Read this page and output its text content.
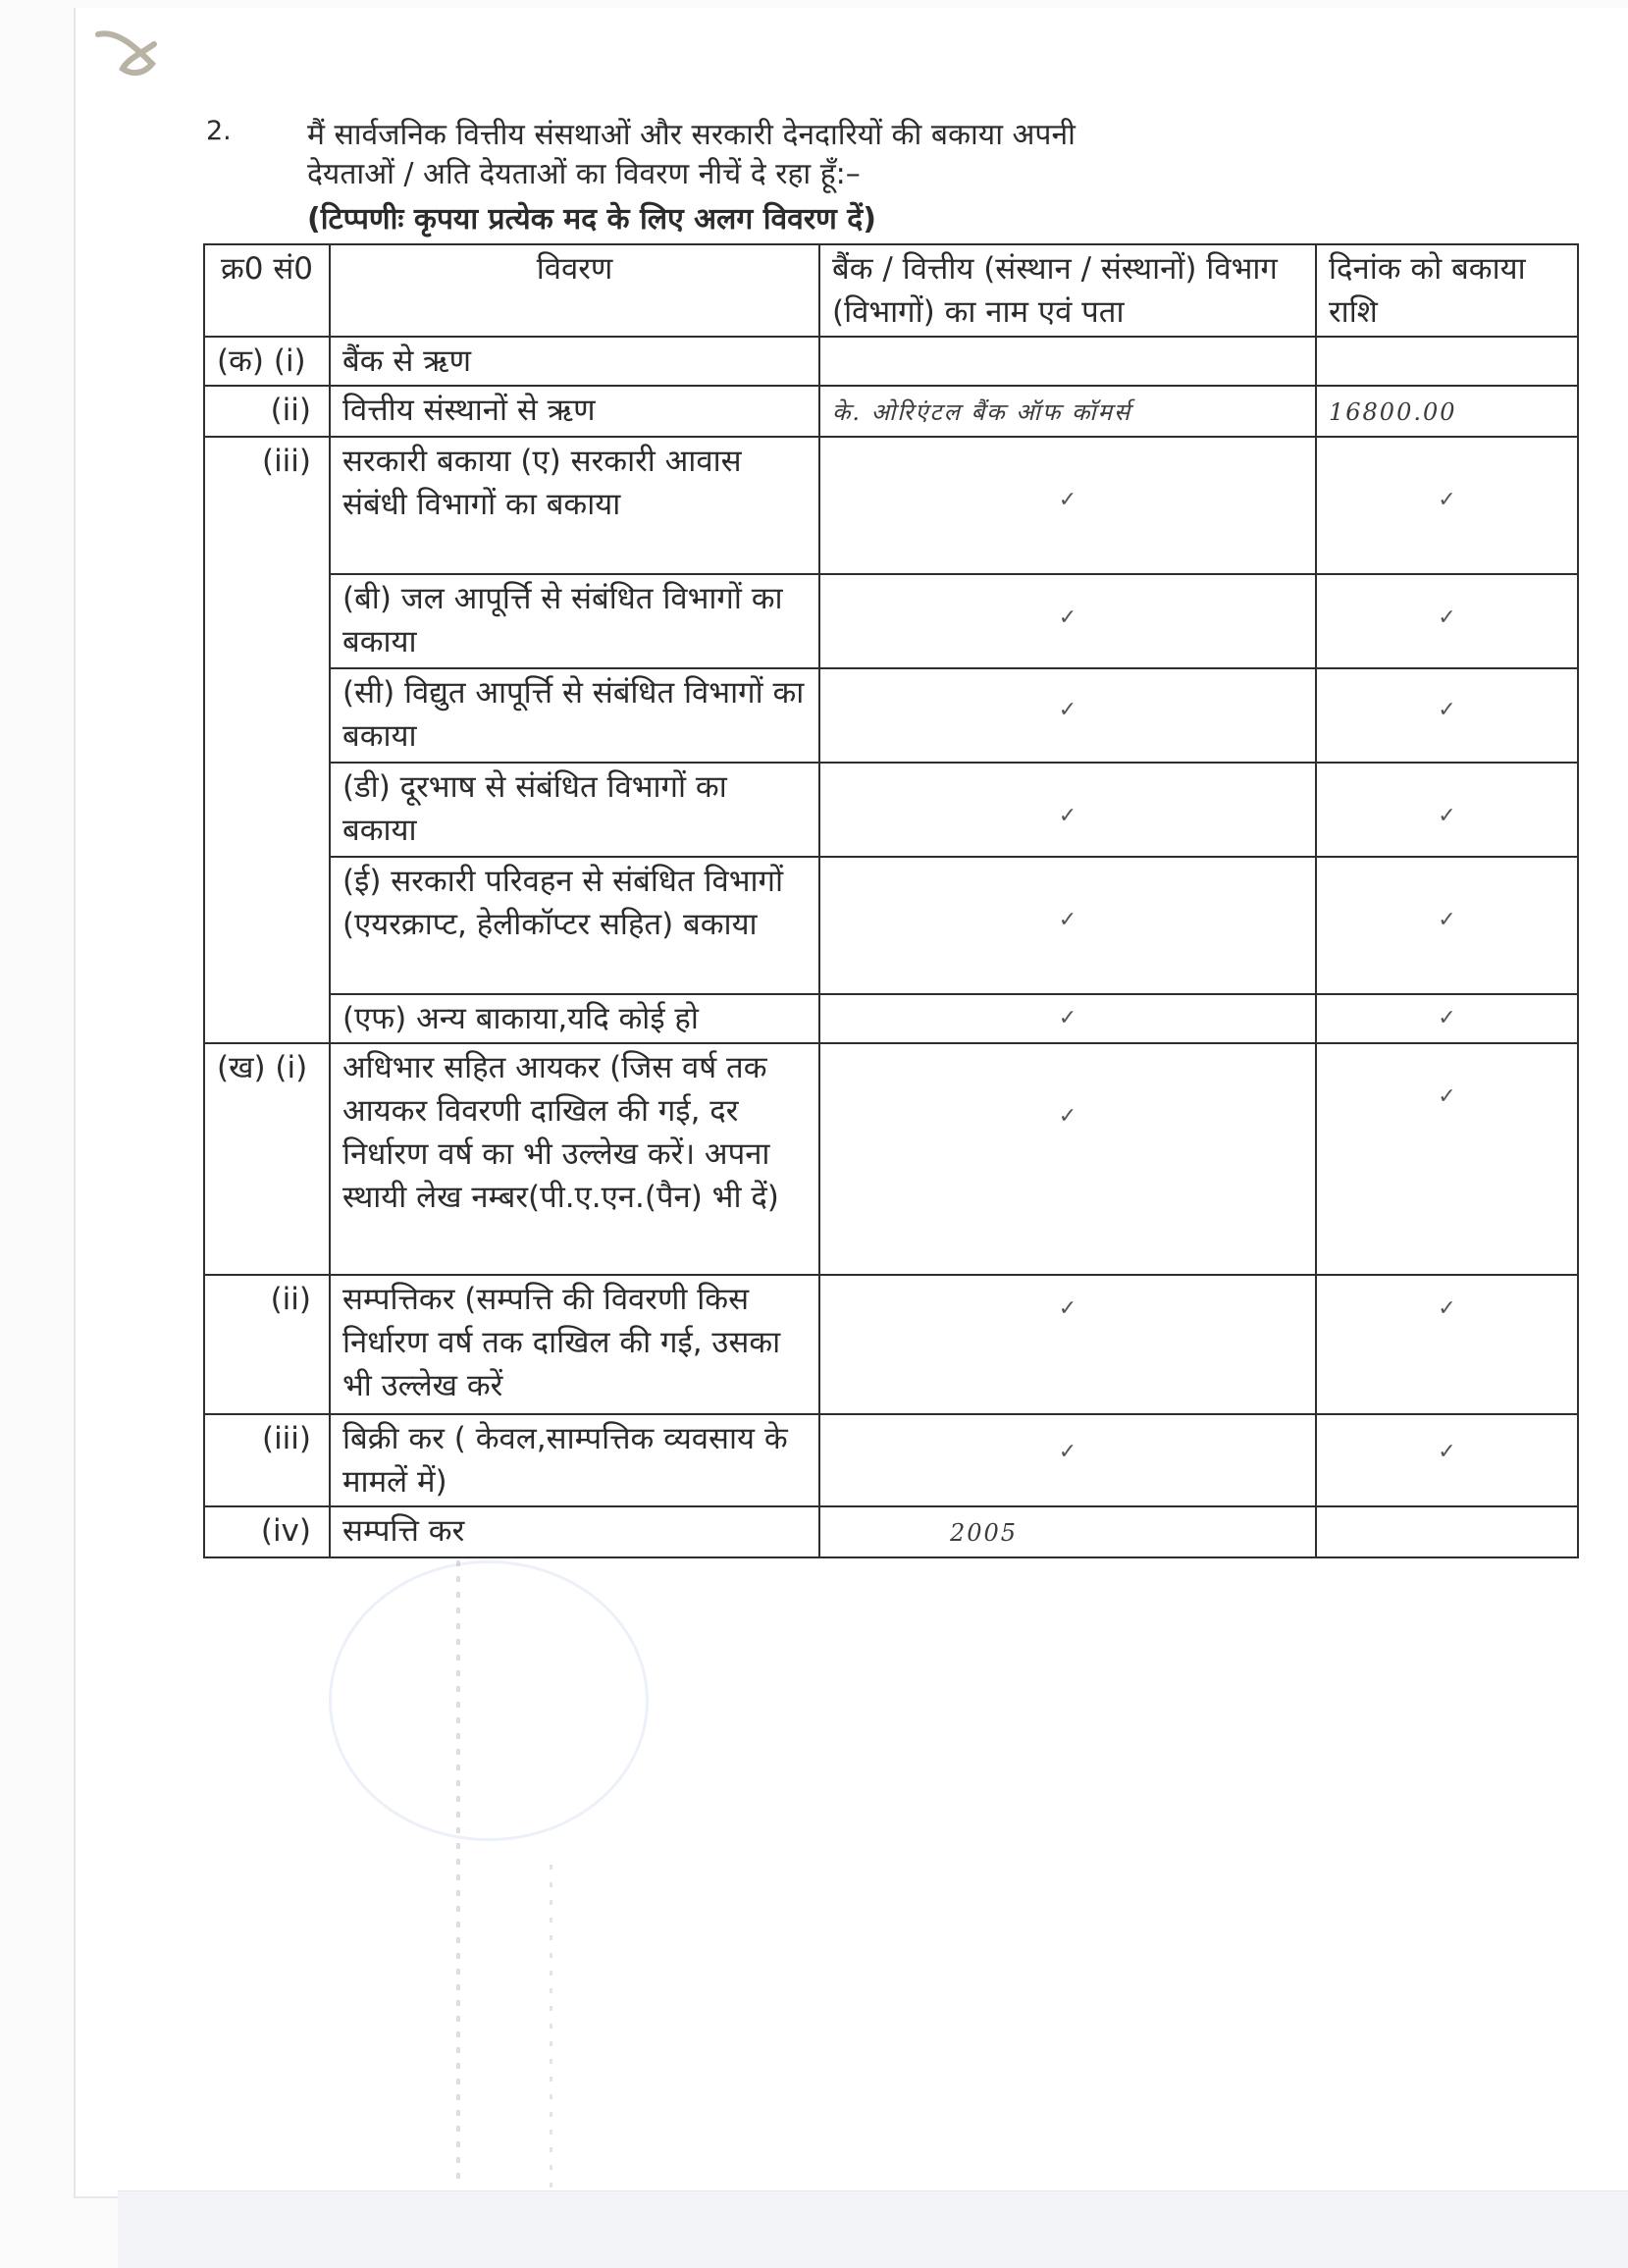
2.	मैं सार्वजनिक वित्तीय संसथाओं और सरकारी देनदारियों की बकाया अपनी
देयताओं / अति देयताओं का विवरण नीचें दे रहा हूँ:–
(टिप्पणीः कृपया प्रत्येक मद के लिए अलग विवरण दें)
क्र0 सं0	विवरण	बैंक / वित्तीय (संस्थान / संस्थानों) विभाग (विभागों) का नाम एवं पता	दिनांक को बकाया राशि
(क) (i)	बैंक से ऋण		
(ii)	वित्तीय संस्थानों से ऋण	के. ओरिएंटल बैंक ऑफ कॉमर्स	16800.00
(iii)	सरकारी बकाया (ए) सरकारी आवास संबंधी विभागों का बकाया	✓	✓

	(बी) जल आपूर्त्ति से संबंधित विभागों का बकाया	✓	✓

	(सी) विद्युत आपूर्त्ति से संबंधित विभागों का बकाया	✓	✓

	(डी) दूरभाष से संबंधित विभागों का बकाया	✓	✓

	(ई) सरकारी परिवहन से संबंधित विभागों (एयरक्राप्ट, हेलीकॉप्टर सहित) बकाया	✓	✓

	(एफ) अन्य बाकाया,यदि कोई हो	✓	✓

(ख) (i)	अधिभार सहित आयकर (जिस वर्ष तक आयकर विवरणी दाखिल की गई, दर निर्धारण वर्ष का भी उल्लेख करें। अपना स्थायी लेख नम्बर(पी.ए.एन.(पैन) भी दें)	✓	✓

(ii)	सम्पत्तिकर (सम्पत्ति की विवरणी किस निर्धारण वर्ष तक दाखिल की गई, उसका भी उल्लेख करें	✓	✓

(iii)	बिक्री कर ( केवल,साम्पत्तिक व्यवसाय के मामलें में)	✓	✓

(iv)	सम्पत्ति कर	2005	
